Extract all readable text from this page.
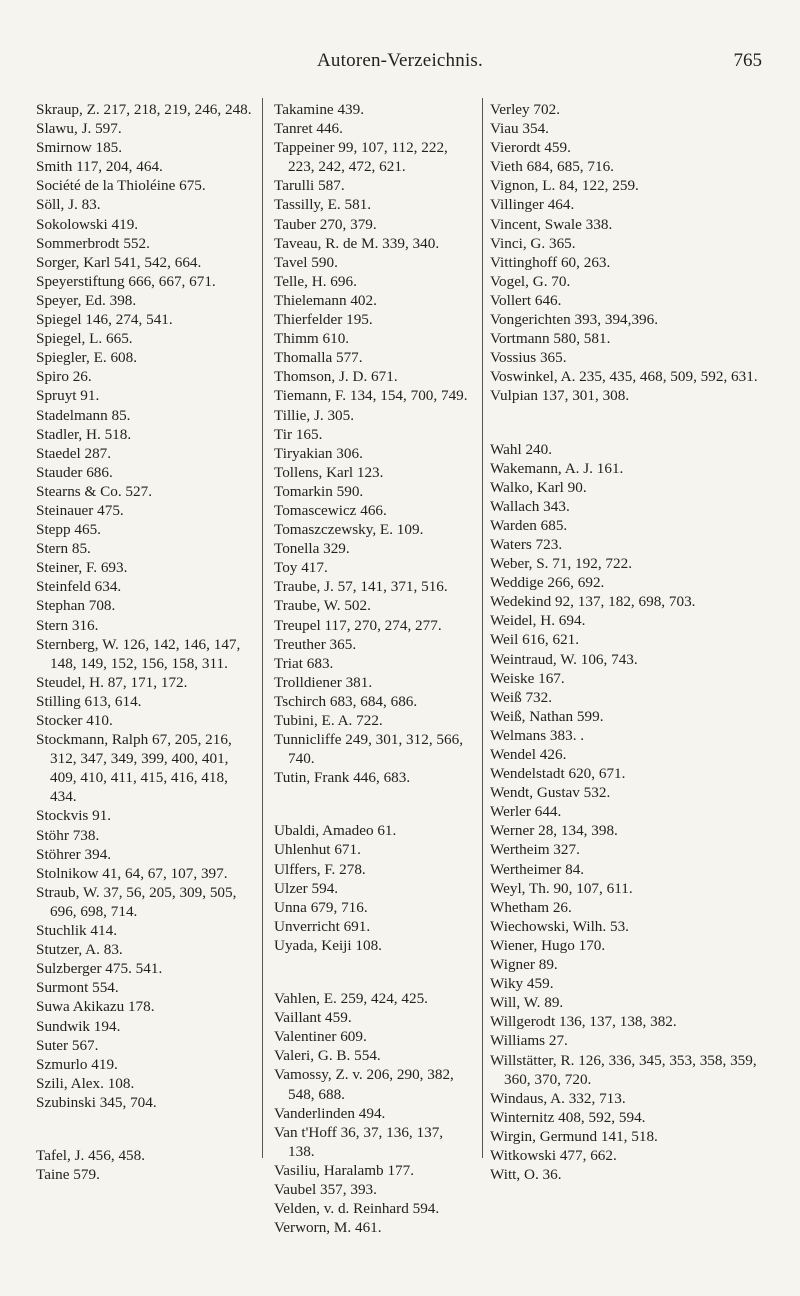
Autoren-Verzeichnis.	765
Skraup, Z. 217, 218, 219, 246, 248.
Slawu, J. 597.
Smirnow 185.
Smith 117, 204, 464.
Société de la Thioléine 675.
Söll, J. 83.
Sokolowski 419.
Sommerbrodt 552.
Sorger, Karl 541, 542, 664.
Speyerstiftung 666, 667, 671.
Speyer, Ed. 398.
Spiegel 146, 274, 541.
Spiegel, L. 665.
Spiegler, E. 608.
Spiro 26.
Spruyt 91.
Stadelmann 85.
Stadler, H. 518.
Staedel 287.
Stauder 686.
Stearns & Co. 527.
Steinauer 475.
Stepp 465.
Stern 85.
Steiner, F. 693.
Steinfeld 634.
Stephan 708.
Stern 316.
Sternberg, W. 126, 142, 146, 147, 148, 149, 152, 156, 158, 311.
Steudel, H. 87, 171, 172.
Stilling 613, 614.
Stocker 410.
Stockmann, Ralph 67, 205, 216, 312, 347, 349, 399, 400, 401, 409, 410, 411, 415, 416, 418, 434.
Stockvis 91.
Stöhr 738.
Stöhrer 394.
Stolnikow 41, 64, 67, 107, 397.
Straub, W. 37, 56, 205, 309, 505, 696, 698, 714.
Stuchlik 414.
Stutzer, A. 83.
Sulzberger 475. 541.
Surmont 554.
Suwa Akikazu 178.
Sundwik 194.
Suter 567.
Szmurlo 419.
Szili, Alex. 108.
Szubinski 345, 704.
Tafel, J. 456, 458.
Taine 579.
Takamine 439.
Tanret 446.
Tappeiner 99, 107, 112, 222, 223, 242, 472, 621.
Tarulli 587.
Tassilly, E. 581.
Tauber 270, 379.
Taveau, R. de M. 339, 340.
Tavel 590.
Telle, H. 696.
Thielemann 402.
Thierfelder 195.
Thimm 610.
Thomalla 577.
Thomson, J. D. 671.
Tiemann, F. 134, 154, 700, 749.
Tillie, J. 305.
Tir 165.
Tiryakian 306.
Tollens, Karl 123.
Tomarkin 590.
Tomascewicz 466.
Tomaszczewsky, E. 109.
Tonella 329.
Toy 417.
Traube, J. 57, 141, 371, 516.
Traube, W. 502.
Treupel 117, 270, 274, 277.
Treuther 365.
Triat 683.
Trolldiener 381.
Tschirch 683, 684, 686.
Tubini, E. A. 722.
Tunnicliffe 249, 301, 312, 566, 740.
Tutin, Frank 446, 683.
Ubaldi, Amadeo 61.
Uhlenhut 671.
Ulffers, F. 278.
Ulzer 594.
Unna 679, 716.
Unverricht 691.
Uyada, Keiji 108.
Vahlen, E. 259, 424, 425.
Vaillant 459.
Valentiner 609.
Valeri, G. B. 554.
Vamossy, Z. v. 206, 290, 382, 548, 688.
Vanderlinden 494.
Van t'Hoff 36, 37, 136, 137, 138.
Vasiliu, Haralamb 177.
Vaubel 357, 393.
Velden, v. d. Reinhard 594.
Verworn, M. 461.
Verley 702.
Viau 354.
Vierordt 459.
Vieth 684, 685, 716.
Vignon, L. 84, 122, 259.
Villinger 464.
Vincent, Swale 338.
Vinci, G. 365.
Vittinghoff 60, 263.
Vogel, G. 70.
Vollert 646.
Vongerichten 393, 394,396.
Vortmann 580, 581.
Vossius 365.
Voswinkel, A. 235, 435, 468, 509, 592, 631.
Vulpian 137, 301, 308.
Wahl 240.
Wakemann, A. J. 161.
Walko, Karl 90.
Wallach 343.
Warden 685.
Waters 723.
Weber, S. 71, 192, 722.
Weddige 266, 692.
Wedekind 92, 137, 182, 698, 703.
Weidel, H. 694.
Weil 616, 621.
Weintraud, W. 106, 743.
Weiske 167.
Weiß 732.
Weiß, Nathan 599.
Welmans 383. .
Wendel 426.
Wendelstadt 620, 671.
Wendt, Gustav 532.
Werler 644.
Werner 28, 134, 398.
Wertheim 327.
Wertheimer 84.
Weyl, Th. 90, 107, 611.
Whetham 26.
Wiechowski, Wilh. 53.
Wiener, Hugo 170.
Wigner 89.
Wiky 459.
Will, W. 89.
Willgerodt 136, 137, 138, 382.
Williams 27.
Willstätter, R. 126, 336, 345, 353, 358, 359, 360, 370, 720.
Windaus, A. 332, 713.
Winternitz 408, 592, 594.
Wirgin, Germund 141, 518.
Witkowski 477, 662.
Witt, O. 36.
